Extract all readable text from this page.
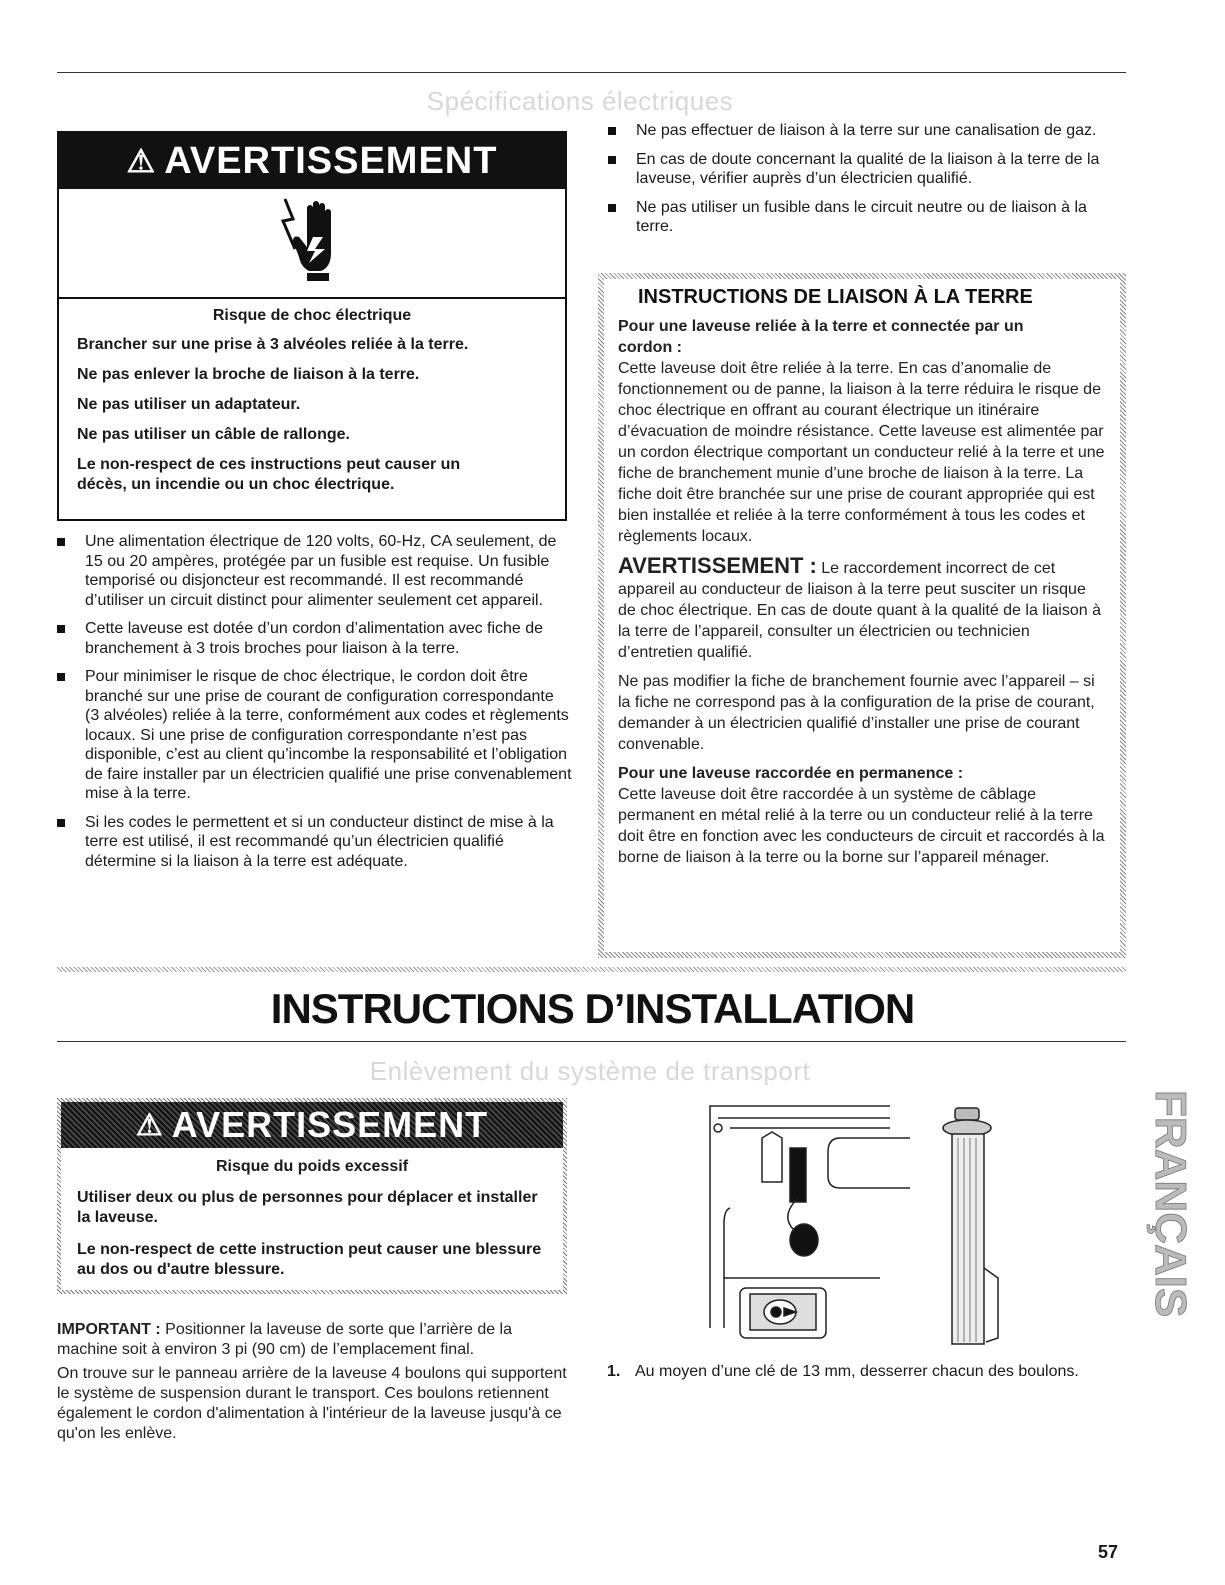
Spécifications électriques
⚠ AVERTISSEMENT
Risque de choc électrique

Brancher sur une prise à 3 alvéoles reliée à la terre.

Ne pas enlever la broche de liaison à la terre.

Ne pas utiliser un adaptateur.

Ne pas utiliser un câble de rallonge.

Le non-respect de ces instructions peut causer un décès, un incendie ou un choc électrique.

Une alimentation électrique de 120 volts, 60-Hz, CA seulement, de 15 ou 20 ampères, protégée par un fusible est requise. Un fusible temporisé ou disjoncteur est recommandé. Il est recommandé d’utiliser un circuit distinct pour alimenter seulement cet appareil.
Cette laveuse est dotée d’un cordon d’alimentation avec fiche de branchement à 3 trois broches pour liaison à la terre.
Pour minimiser le risque de choc électrique, le cordon doit être branché sur une prise de courant de configuration correspondante (3 alvéoles) reliée à la terre, conformément aux codes et règlements locaux. Si une prise de configuration correspondante n’est pas disponible, c’est au client qu’incombe la responsabilité et l’obligation de faire installer par un électricien qualifié une prise convenablement mise à la terre.
Si les codes le permettent et si un conducteur distinct de mise à la terre est utilisé, il est recommandé qu’un électricien qualifié détermine si la liaison à la terre est adéquate.
Ne pas effectuer de liaison à la terre sur une canalisation de gaz.
En cas de doute concernant la qualité de la liaison à la terre de la laveuse, vérifier auprès d’un électricien qualifié.
Ne pas utiliser un fusible dans le circuit neutre ou de liaison à la terre.
INSTRUCTIONS DE LIAISON À LA TERRE
Pour une laveuse reliée à la terre et connectée par un cordon :

Cette laveuse doit être reliée à la terre. En cas d’anomalie de fonctionnement ou de panne, la liaison à la terre réduira le risque de choc électrique en offrant au courant électrique un itinéraire d’évacuation de moindre résistance. Cette laveuse est alimentée par un cordon électrique comportant un conducteur relié à la terre et une fiche de branchement munie d’une broche de liaison à la terre. La fiche doit être branchée sur une prise de courant appropriée qui est bien installée et reliée à la terre conformément à tous les codes et règlements locaux.

AVERTISSEMENT : Le raccordement incorrect de cet appareil au conducteur de liaison à la terre peut susciter un risque de choc électrique. En cas de doute quant à la qualité de la liaison à la terre de l’appareil, consulter un électricien ou technicien d’entretien qualifié.

Ne pas modifier la fiche de branchement fournie avec l’appareil – si la fiche ne correspond pas à la configuration de la prise de courant, demander à un électricien qualifié d’installer une prise de courant convenable.

Pour une laveuse raccordée en permanence :

Cette laveuse doit être raccordée à un système de câblage permanent en métal relié à la terre ou un conducteur relié à la terre doit être en fonction avec les conducteurs de circuit et raccordés à la borne de liaison à la terre ou la borne sur l’appareil ménager.

INSTRUCTIONS D’INSTALLATION
Enlèvement du système de transport
⚠ AVERTISSEMENT
Risque du poids excessif

Utiliser deux ou plus de personnes pour déplacer et installer la laveuse.

Le non-respect de cette instruction peut causer une blessure au dos ou d'autre blessure.

IMPORTANT : Positionner la laveuse de sorte que l’arrière de la machine soit à environ 3 pi (90 cm) de l’emplacement final.
On trouve sur le panneau arrière de la laveuse 4 boulons qui supportent le système de suspension durant le transport. Ces boulons retiennent également le cordon d'alimentation à l'intérieur de la laveuse jusqu'à ce qu'on les enlève.
1. Au moyen d’une clé de 13 mm, desserrer chacun des boulons.
FRANÇAIS
57
